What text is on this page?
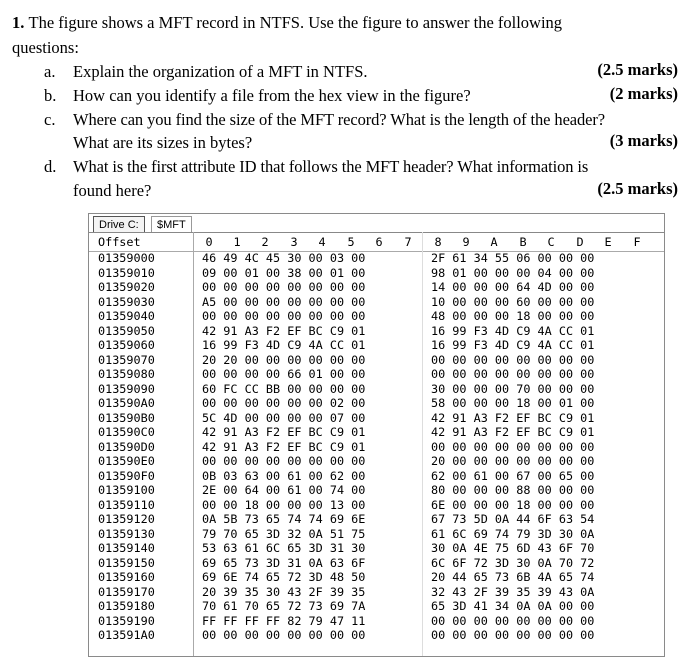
1. The figure shows a MFT record in NTFS. Use the figure to answer the following
questions:
a. Explain the organization of a MFT in NTFS.	(2.5 marks)
b. How can you identify a file from the hex view in the figure?	(2 marks)
c. Where can you find the size of the MFT record? What is the length of the header?
What are its sizes in bytes?	(3 marks)
d. What is the first attribute ID that follows the MFT header? What information is
found here?	(2.5 marks)
Drive C:	$MFT
Offset	0 1 2 3 4 5 6 7 8 9 A B C D E F
01359000	46 49 4C 45 30 00 03 00	2F 61 34 55 06 00 00 00
01359010	09 00 01 00 38 00 01 00	98 01 00 00 00 04 00 00
01359020	00 00 00 00 00 00 00 00	14 00 00 00 64 4D 00 00
01359030	A5 00 00 00 00 00 00 00	10 00 00 00 60 00 00 00
01359040	00 00 00 00 00 00 00 00	48 00 00 00 18 00 00 00
01359050	42 91 A3 F2 EF BC C9 01	16 99 F3 4D C9 4A CC 01
01359060	16 99 F3 4D C9 4A CC 01	16 99 F3 4D C9 4A CC 01
01359070	20 20 00 00 00 00 00 00	00 00 00 00 00 00 00 00
01359080	00 00 00 00 66 01 00 00	00 00 00 00 00 00 00 00
01359090	60 FC CC BB 00 00 00 00	30 00 00 00 70 00 00 00
013590A0	00 00 00 00 00 00 02 00	58 00 00 00 18 00 01 00
013590B0	5C 4D 00 00 00 00 07 00	42 91 A3 F2 EF BC C9 01
013590C0	42 91 A3 F2 EF BC C9 01	42 91 A3 F2 EF BC C9 01
013590D0	42 91 A3 F2 EF BC C9 01	00 00 00 00 00 00 00 00
013590E0	00 00 00 00 00 00 00 00	20 00 00 00 00 00 00 00
013590F0	0B 03 63 00 61 00 62 00	62 00 61 00 67 00 65 00
01359100	2E 00 64 00 61 00 74 00	80 00 00 00 88 00 00 00
01359110	00 00 18 00 00 00 13 00	6E 00 00 00 18 00 00 00
01359120	0A 5B 73 65 74 74 69 6E	67 73 5D 0A 44 6F 63 54
01359130	79 70 65 3D 32 0A 51 75	61 6C 69 74 79 3D 30 0A
01359140	53 63 61 6C 65 3D 31 30	30 0A 4E 75 6D 43 6F 70
01359150	69 65 73 3D 31 0A 63 6F	6C 6F 72 3D 30 0A 70 72
01359160	69 6E 74 65 72 3D 48 50	20 44 65 73 6B 4A 65 74
01359170	20 39 35 30 43 2F 39 35	32 43 2F 39 35 39 43 0A
01359180	70 61 70 65 72 73 69 7A	65 3D 41 34 0A 0A 00 00
01359190	FF FF FF FF 82 79 47 11	00 00 00 00 00 00 00 00
013591A0	00 00 00 00 00 00 00 00	00 00 00 00 00 00 00 00
